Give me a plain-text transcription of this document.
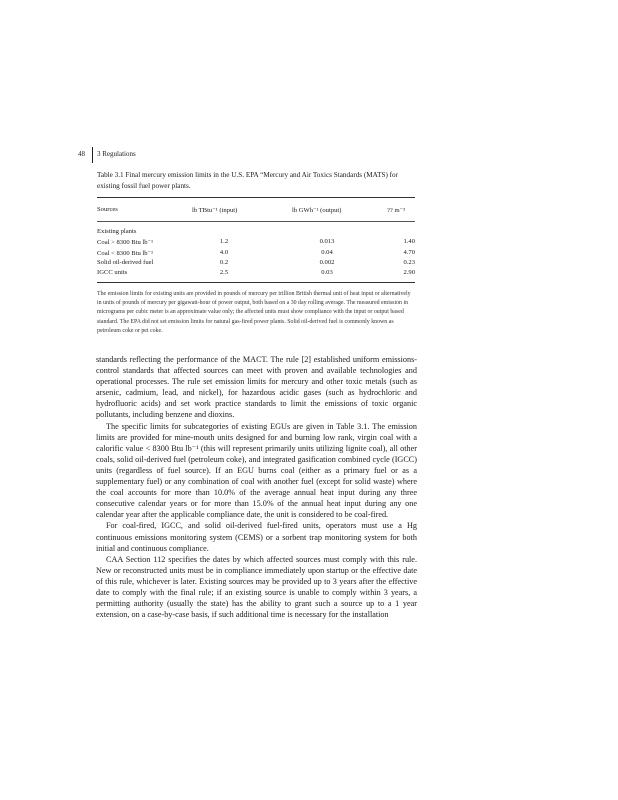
48 3 Regulations
Table 3.1 Final mercury emission limits in the U.S. EPA “Mercury and Air Toxics Standards (MATS) for existing fossil fuel power plants.
Sources	lb TBtu⁻¹ (input)	lb GWh⁻¹ (output)	?? m⁻³
Existing plants
Coal > 8300 Btu lb⁻¹	1.2	0.013	1.40
Coal < 8300 Btu lb⁻¹	4.0	0.04	4.70
Solid oil-derived fuel	0.2	0.002	0.23
IGCC units	2.5	0.03	2.90
The emission limits for existing units are provided in pounds of mercury per trillion British thermal unit of heat input or alternatively in units of pounds of mercury per gigawatt-hour of power output, both based on a 30 day rolling average. The measured emission in micrograms per cubic meter is an approximate value only; the affected units must show compliance with the input or output based standard. The EPA did not set emission limits for natural gas-fired power plants. Solid oil-derived fuel is commonly known as petroleum coke or pet coke.

standards reflecting the performance of the MACT. The rule [2] established uniform emissions-control standards that affected sources can meet with proven and available technologies and operational processes. The rule set emission limits for mercury and other toxic metals (such as arsenic, cadmium, lead, and nickel), for hazardous acidic gases (such as hydrochloric and hydrofluoric acids) and set work practice standards to limit the emissions of toxic organic pollutants, including benzene and dioxins.

The specific limits for subcategories of existing EGUs are given in Table 3.1. The emission limits are provided for mine-mouth units designed for and burning low rank, virgin coal with a calorific value < 8300 Btu lb⁻¹ (this will represent primarily units utilizing lignite coal), all other coals, solid oil-derived fuel (petroleum coke), and integrated gasification combined cycle (IGCC) units (regardless of fuel source). If an EGU burns coal (either as a primary fuel or as a supplementary fuel) or any combination of coal with another fuel (except for solid waste) where the coal accounts for more than 10.0% of the average annual heat input during any three consecutive calendar years or for more than 15.0% of the annual heat input during any one calendar year after the applicable compliance date, the unit is considered to be coal-fired.

For coal-fired, IGCC, and solid oil-derived fuel-fired units, operators must use a Hg continuous emissions monitoring system (CEMS) or a sorbent trap monitoring system for both initial and continuous compliance.

CAA Section 112 specifies the dates by which affected sources must comply with this rule. New or reconstructed units must be in compliance immediately upon startup or the effective date of this rule, whichever is later. Existing sources may be provided up to 3 years after the effective date to comply with the final rule; if an existing source is unable to comply within 3 years, a permitting authority (usually the state) has the ability to grant such a source up to a 1 year extension, on a case-by-case basis, if such additional time is necessary for the installation
